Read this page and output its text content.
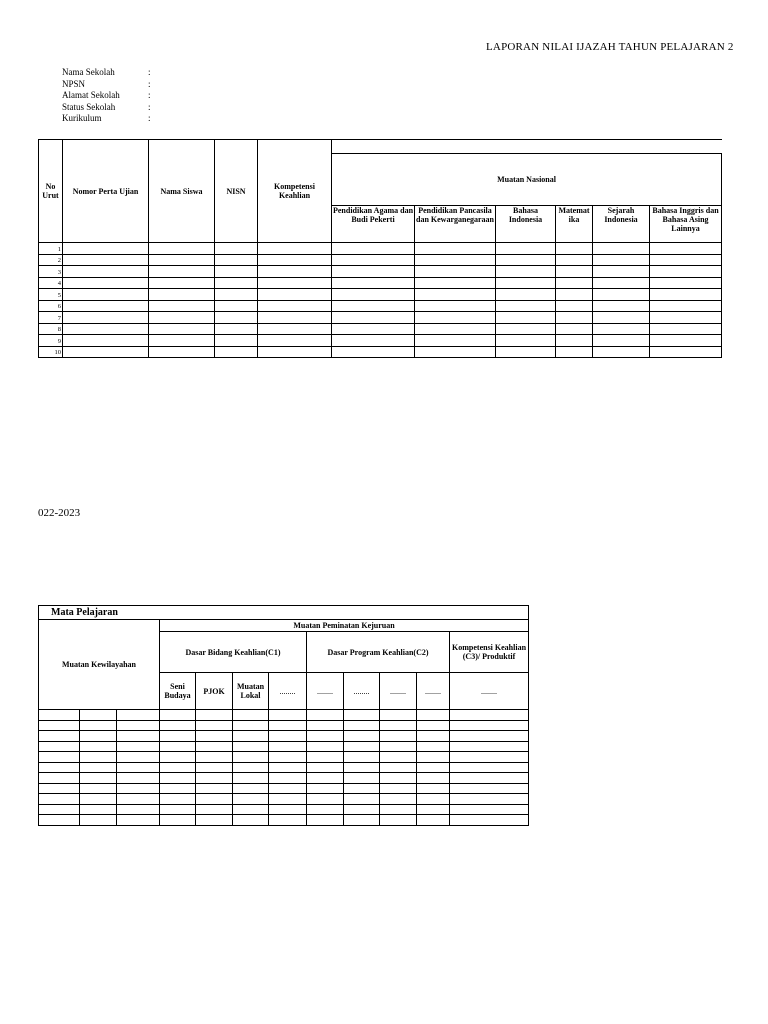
LAPORAN NILAI IJAZAH TAHUN PELAJARAN 2
Nama Sekolah	:
NPSN	:
Alamat Sekolah	:
Status Sekolah	:
Kurikulum	:
No Urut	Nomor Perta Ujian	Nama Siswa	NISN	Kompetensi Keahlian						
					Muatan Nasional					
					Pendidikan Agama dan Budi Pekerti	Pendidikan Pancasila dan Kewarganegaraan	Bahasa Indonesia	Matemat ika	Sejarah Indonesia	Bahasa Inggris dan Bahasa Asing Lainnya
1										
2										
3										
4										
5										
6										
7										
8										
9										
10										
022-2023
Mata Pelajaran												
Muatan Kewilayahan			Muatan Peminatan Kejuruan									
			Dasar Bidang Keahlian(C1)				Dasar Program Keahlian(C2)				Kompetensi Keahlian (C3)/ Produktif	
			Seni Budaya	PJOK	Muatan Lokal	........	........	........	........	........	........			
